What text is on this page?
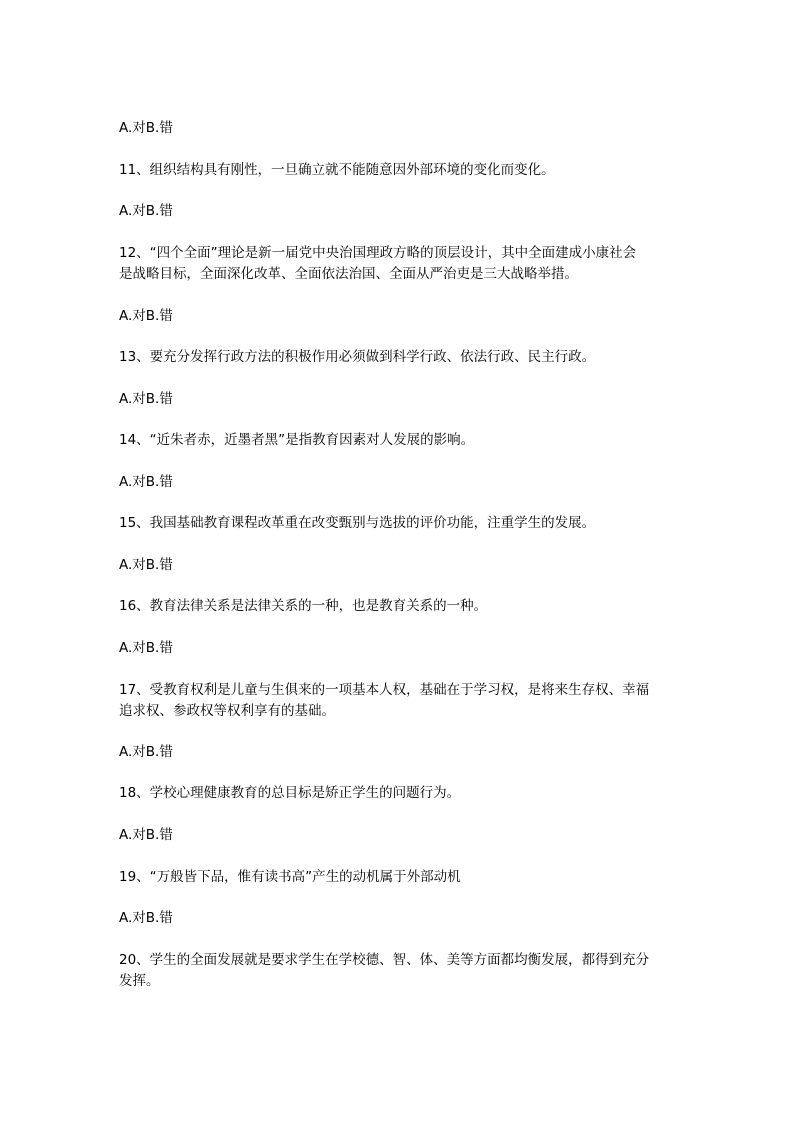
A.对B.错
11、组织结构具有刚性，一旦确立就不能随意因外部环境的变化而变化。
A.对B.错
12、“四个全面”理论是新一届党中央治国理政方略的顶层设计，其中全面建成小康社会
是战略目标，全面深化改革、全面依法治国、全面从严治吏是三大战略举措。
A.对B.错
13、要充分发挥行政方法的积极作用必须做到科学行政、依法行政、民主行政。
A.对B.错
14、“近朱者赤，近墨者黑”是指教育因素对人发展的影响。
A.对B.错
15、我国基础教育课程改革重在改变甄别与选拔的评价功能，注重学生的发展。
A.对B.错
16、教育法律关系是法律关系的一种，也是教育关系的一种。
A.对B.错
17、受教育权利是儿童与生俱来的一项基本人权，基础在于学习权，是将来生存权、幸福
追求权、参政权等权利享有的基础。
A.对B.错
18、学校心理健康教育的总目标是矫正学生的问题行为。
A.对B.错
19、“万般皆下品，惟有读书高”产生的动机属于外部动机
A.对B.错
20、学生的全面发展就是要求学生在学校德、智、体、美等方面都均衡发展，都得到充分
发挥。
